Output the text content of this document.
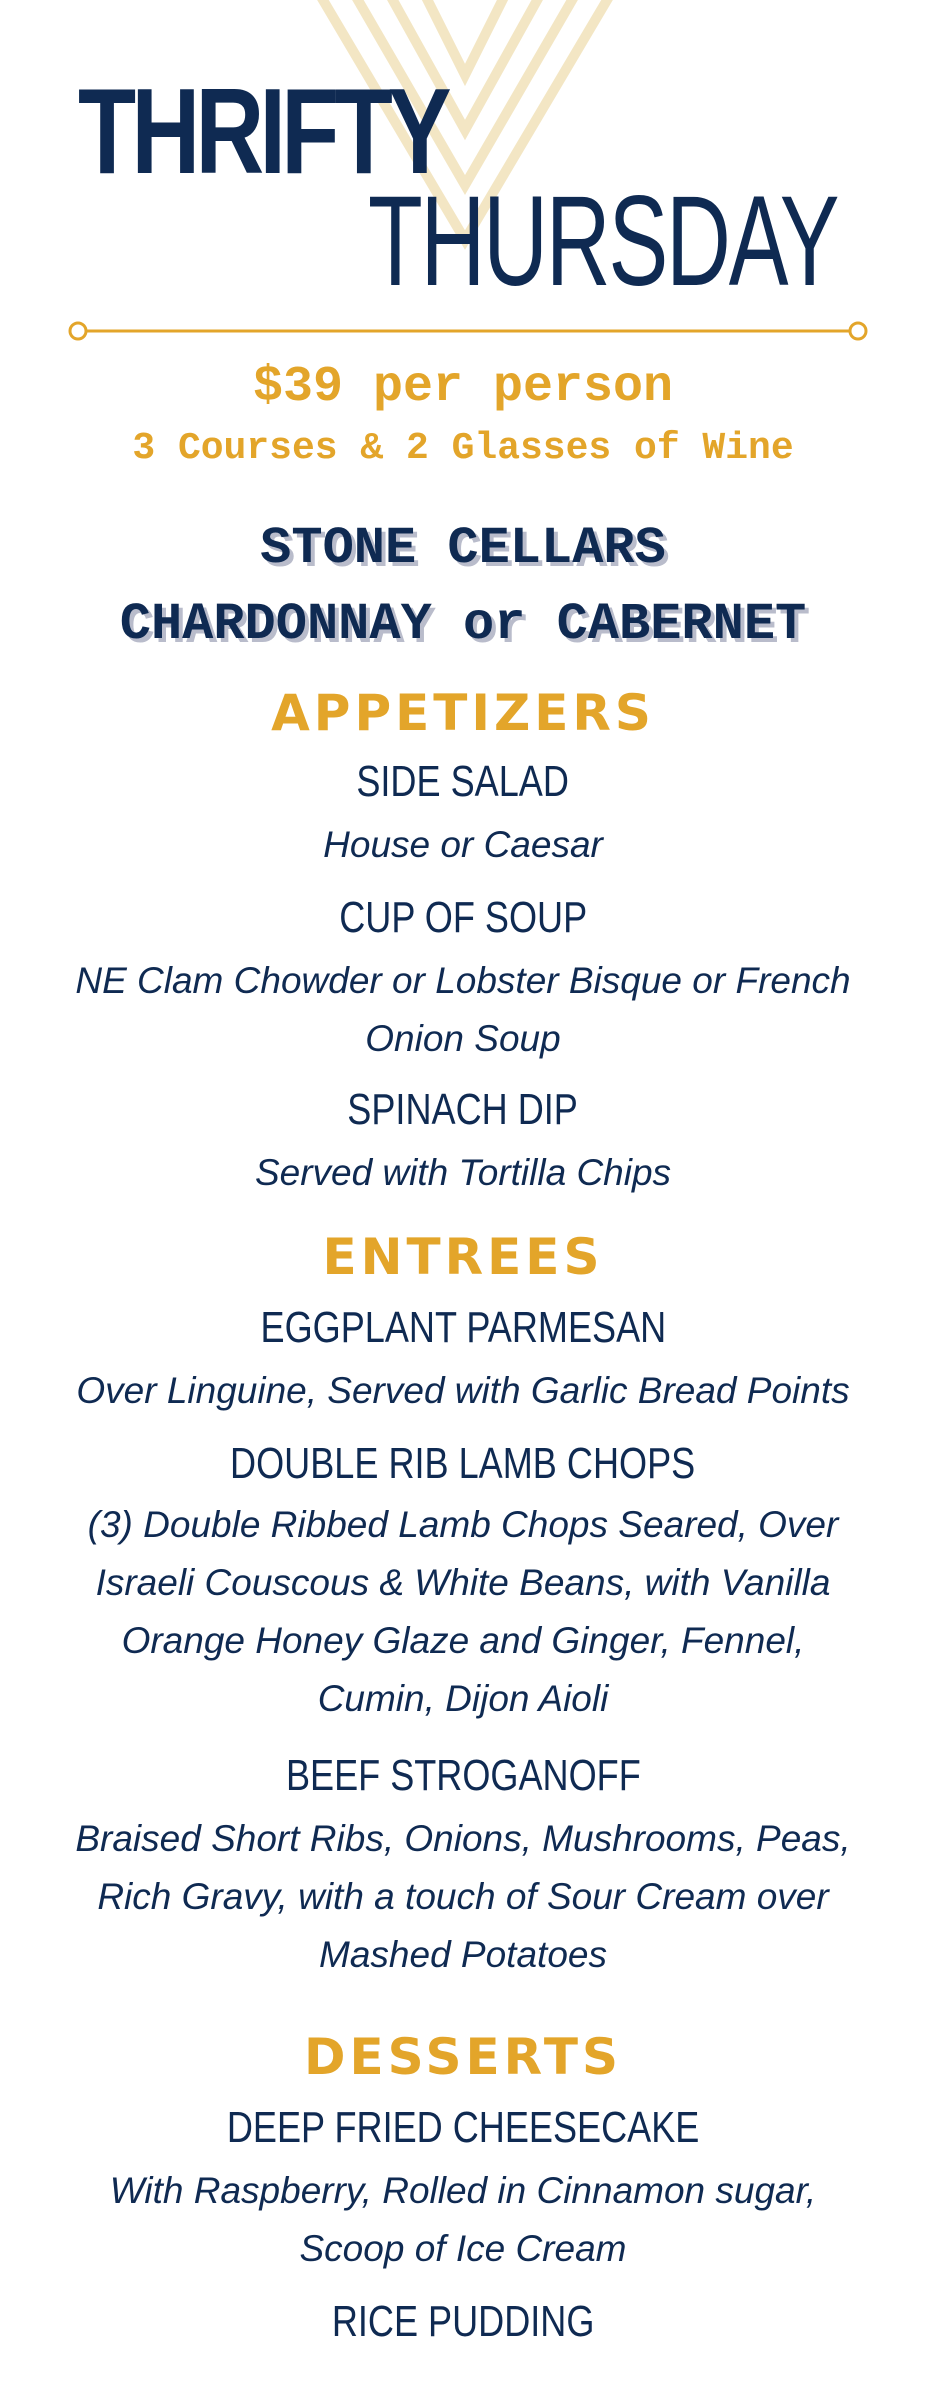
THRIFTY
THURSDAY

$39 per person

3 Courses & 2 Glasses of Wine

STONE CELLARS

CHARDONNAY or CABERNET

APPETIZERS

SIDE SALAD

House or Caesar

CUP OF SOUP

NE Clam Chowder or Lobster Bisque or French Onion Soup

SPINACH DIP

Served with Tortilla Chips

ENTREES

EGGPLANT PARMESAN

Over Linguine, Served with Garlic Bread Points

DOUBLE RIB LAMB CHOPS

(3) Double Ribbed Lamb Chops Seared, Over Israeli Couscous & White Beans, with Vanilla Orange Honey Glaze and Ginger, Fennel, Cumin, Dijon Aioli

BEEF STROGANOFF

Braised Short Ribs, Onions, Mushrooms, Peas, Rich Gravy, with a touch of Sour Cream over Mashed Potatoes

DESSERTS

DEEP FRIED CHEESECAKE

With Raspberry, Rolled in Cinnamon sugar, Scoop of Ice Cream

RICE PUDDING
